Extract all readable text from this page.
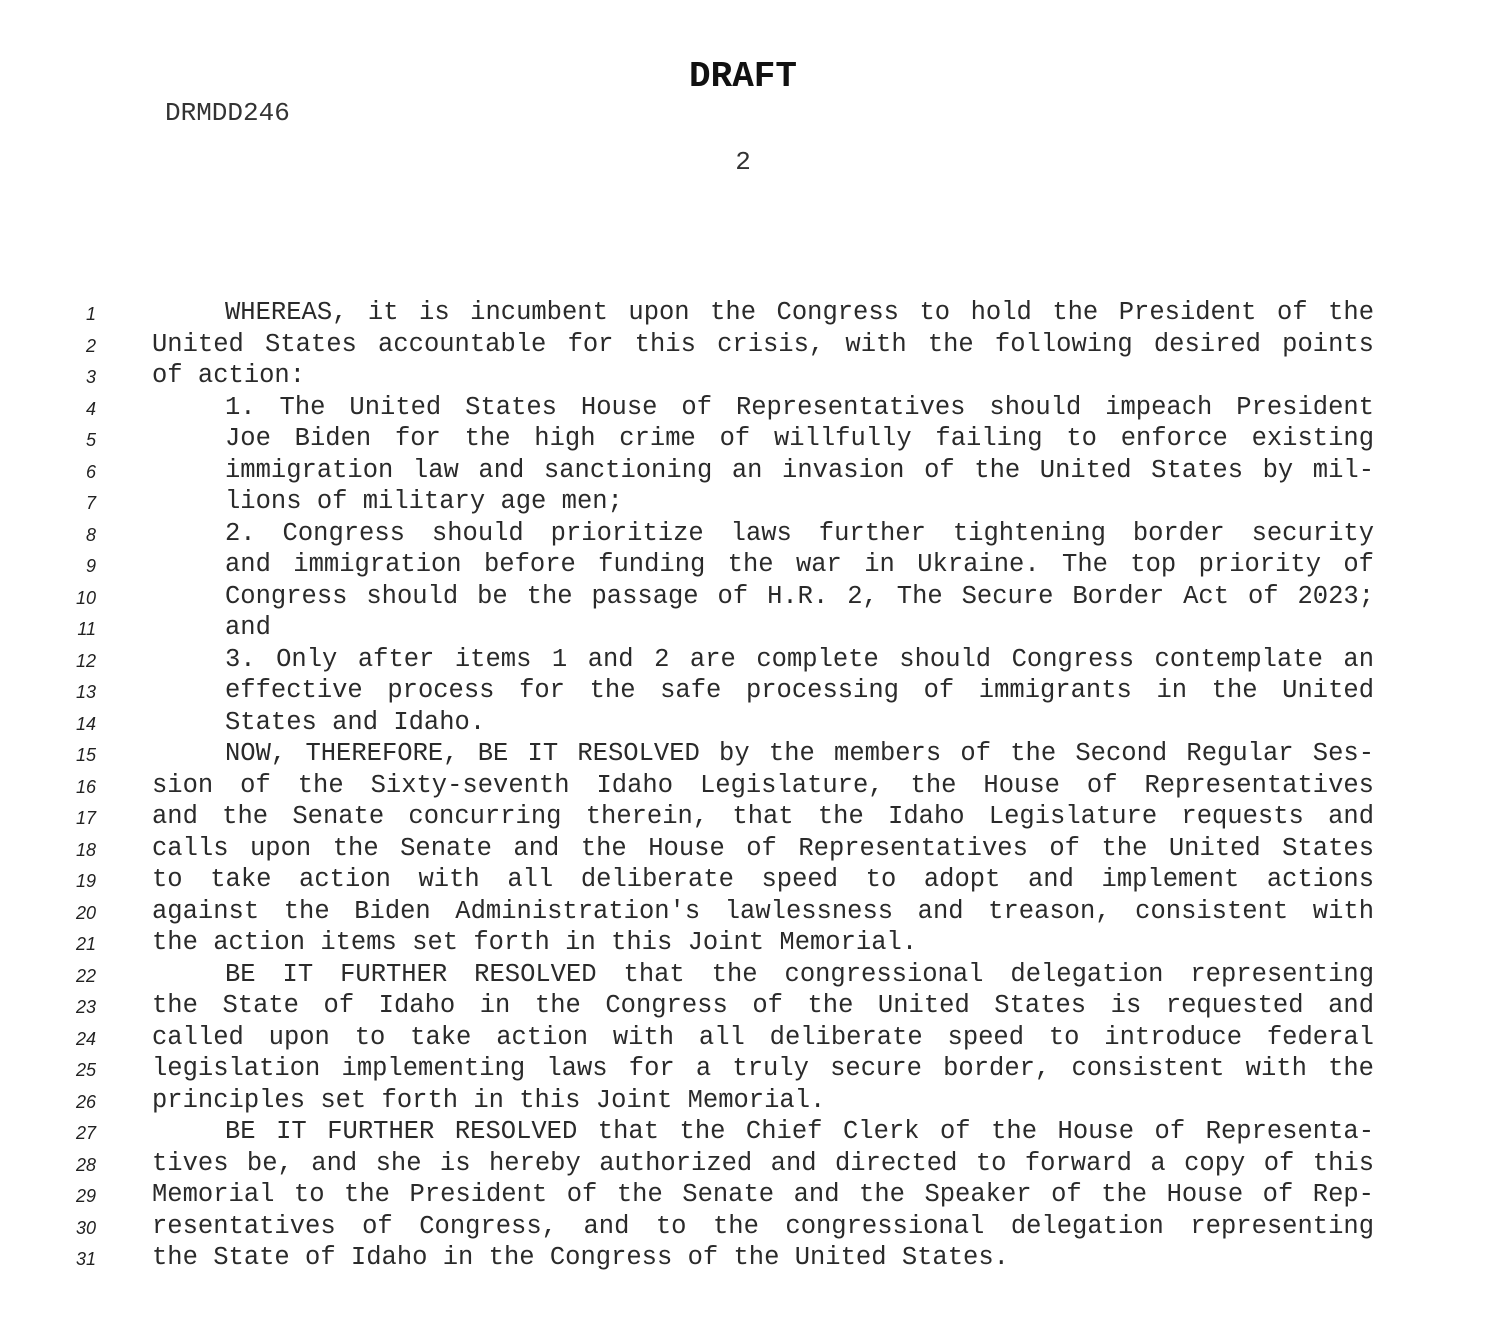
DRAFT
DRMDD246
2
1	WHEREAS, it is incumbent upon the Congress to hold the President of the
2 United States accountable for this crisis, with the following desired points
3 of action:
4	1. The United States House of Representatives should impeach President
5	Joe Biden for the high crime of willfully failing to enforce existing
6	immigration law and sanctioning an invasion of the United States by mil-
7	lions of military age men;
8	2. Congress should prioritize laws further tightening border security
9	and immigration before funding the war in Ukraine. The top priority of
10	Congress should be the passage of H.R. 2, The Secure Border Act of 2023;
11	and
12	3. Only after items 1 and 2 are complete should Congress contemplate an
13	effective process for the safe processing of immigrants in the United
14	States and Idaho.
15	NOW, THEREFORE, BE IT RESOLVED by the members of the Second Regular Ses-
16 sion of the Sixty-seventh Idaho Legislature, the House of Representatives
17 and the Senate concurring therein, that the Idaho Legislature requests and
18 calls upon the Senate and the House of Representatives of the United States
19 to take action with all deliberate speed to adopt and implement actions
20 against the Biden Administration's lawlessness and treason, consistent with
21 the action items set forth in this Joint Memorial.
22	BE IT FURTHER RESOLVED that the congressional delegation representing
23 the State of Idaho in the Congress of the United States is requested and
24 called upon to take action with all deliberate speed to introduce federal
25 legislation implementing laws for a truly secure border, consistent with the
26 principles set forth in this Joint Memorial.
27	BE IT FURTHER RESOLVED that the Chief Clerk of the House of Representa-
28 tives be, and she is hereby authorized and directed to forward a copy of this
29 Memorial to the President of the Senate and the Speaker of the House of Rep-
30 resentatives of Congress, and to the congressional delegation representing
31 the State of Idaho in the Congress of the United States.
